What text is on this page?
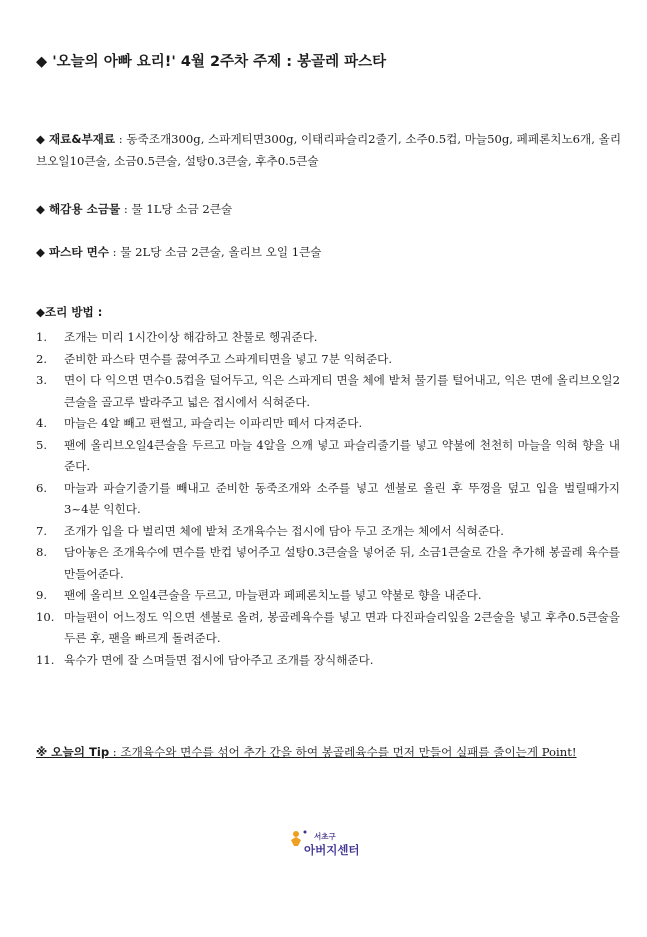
◆ '오늘의 아빠 요리!' 4월 2주차 주제 : 봉골레 파스타
◆ 재료&부재료 : 동죽조개300g, 스파게티면300g, 이태리파슬리2줄기, 소주0.5컵, 마늘50g, 페페론치노6개, 올리브오일10큰술, 소금0.5큰술, 설탕0.3큰술, 후추0.5큰술
◆ 해감용 소금물 : 물 1L당 소금 2큰술
◆ 파스타 면수 : 물 2L당 소금 2큰술, 올리브 오일 1큰술
◆조리 방법 :
1.	조개는 미리 1시간이상 해감하고 찬물로 헹궈준다.
2.	준비한 파스타 면수를 끓여주고 스파게티면을 넣고 7분 익혀준다.
3.	면이 다 익으면 면수0.5컵을 덜어두고, 익은 스파게티 면을 체에 밭쳐 물기를 털어내고, 익은 면에 올리브오일2큰술을 골고루 발라주고 넓은 접시에서 식혀준다.
4.	마늘은 4알 빼고 편썰고, 파슬리는 이파리만 떼서 다져준다.
5.	팬에 올리브오일4큰술을 두르고 마늘 4알을 으깨 넣고 파슬리줄기를 넣고 약불에 천천히 마늘을 익혀 향을 내준다.
6.	마늘과 파슬기줄기를 빼내고 준비한 동죽조개와 소주를 넣고 센불로 올린 후 뚜껑을 덮고 입을 벌릴때가지 3~4분 익힌다.
7.	조개가 입을 다 벌리면 체에 밭쳐 조개육수는 접시에 담아 두고 조개는 체에서 식혀준다.
8.	담아놓은 조개육수에 면수를 반컵 넣어주고 설탕0.3큰술을 넣어준 뒤, 소금1큰술로 간을 추가해 봉골레 육수를 만들어준다.
9.	팬에 올리브 오일4큰술을 두르고, 마늘편과 페페론치노를 넣고 약불로 향을 내준다.
10. 마늘편이 어느정도 익으면 센불로 올려, 봉골레육수를 넣고 면과 다진파슬리잎을 2큰술을 넣고 후추0.5큰술을 두른 후, 팬을 빠르게 돌려준다.
11. 육수가 면에 잘 스며들면 접시에 담아주고 조개를 장식해준다.
※ 오늘의 Tip : 조개육수와 면수를 섞어 추가 간을 하여 봉골레육수를 먼저 만들어 실패를 줄이는게 Point!
서초구
아버지센터
